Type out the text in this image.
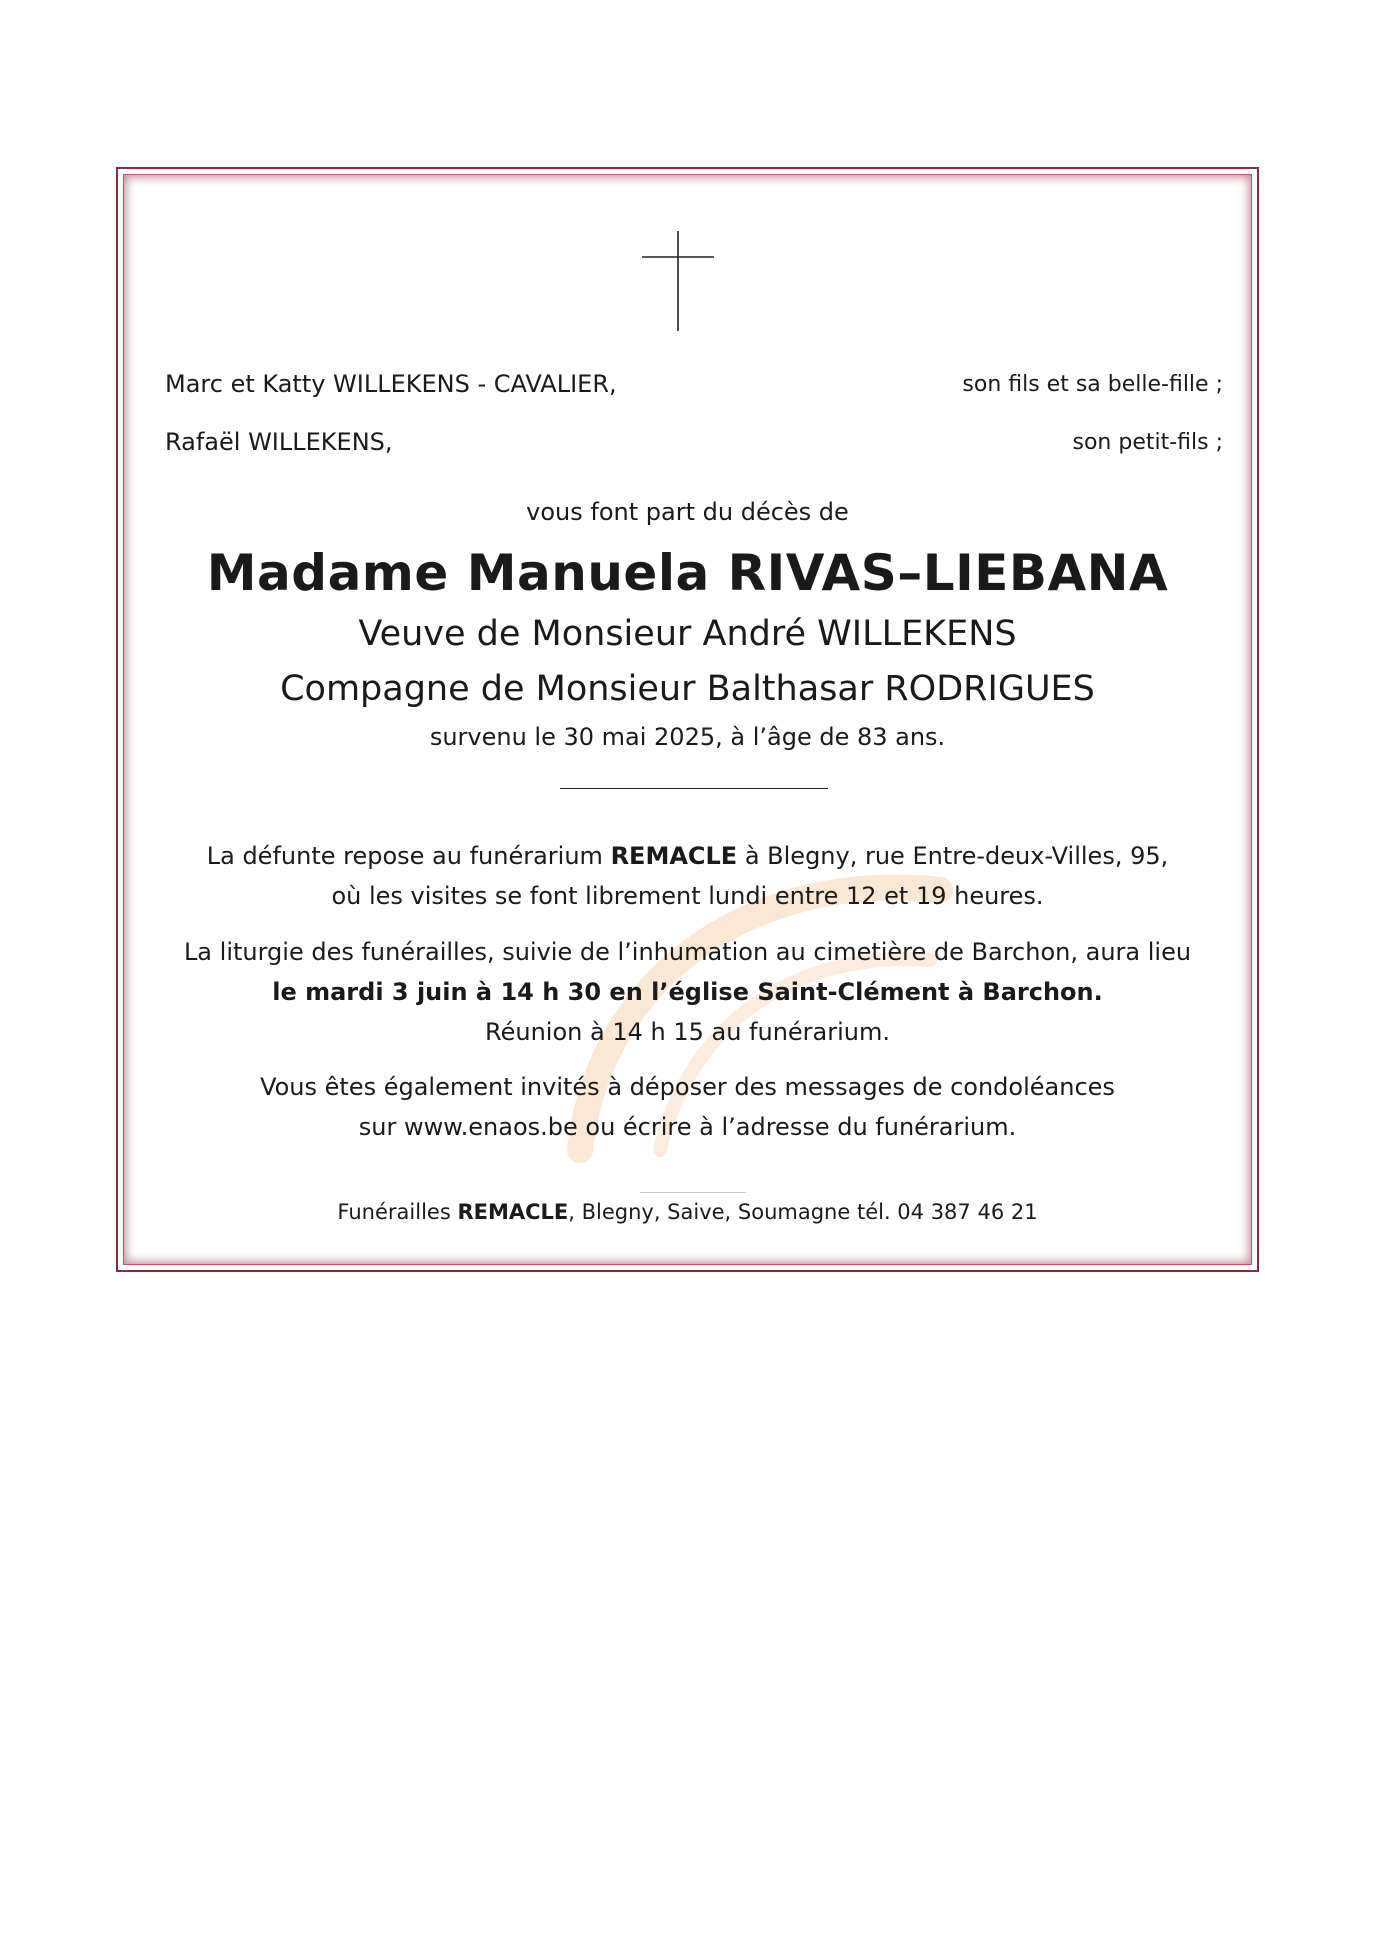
Marc et Katty WILLEKENS - CAVALIER,	son fils et sa belle-fille ;
Rafaël WILLEKENS,	son petit-fils ;
vous font part du décès de
Madame Manuela RIVAS–LIEBANA
Veuve de Monsieur André WILLEKENS
Compagne de Monsieur Balthasar RODRIGUES
survenu le 30 mai 2025, à l’âge de 83 ans.
La défunte repose au funérarium REMACLE à Blegny, rue Entre-deux-Villes, 95,
où les visites se font librement lundi entre 12 et 19 heures.
La liturgie des funérailles, suivie de l’inhumation au cimetière de Barchon, aura lieu
le mardi 3 juin à 14 h 30 en l’église Saint-Clément à Barchon.
Réunion à 14 h 15 au funérarium.
Vous êtes également invités à déposer des messages de condoléances
sur www.enaos.be ou écrire à l’adresse du funérarium.
Funérailles REMACLE, Blegny, Saive, Soumagne tél. 04 387 46 21
